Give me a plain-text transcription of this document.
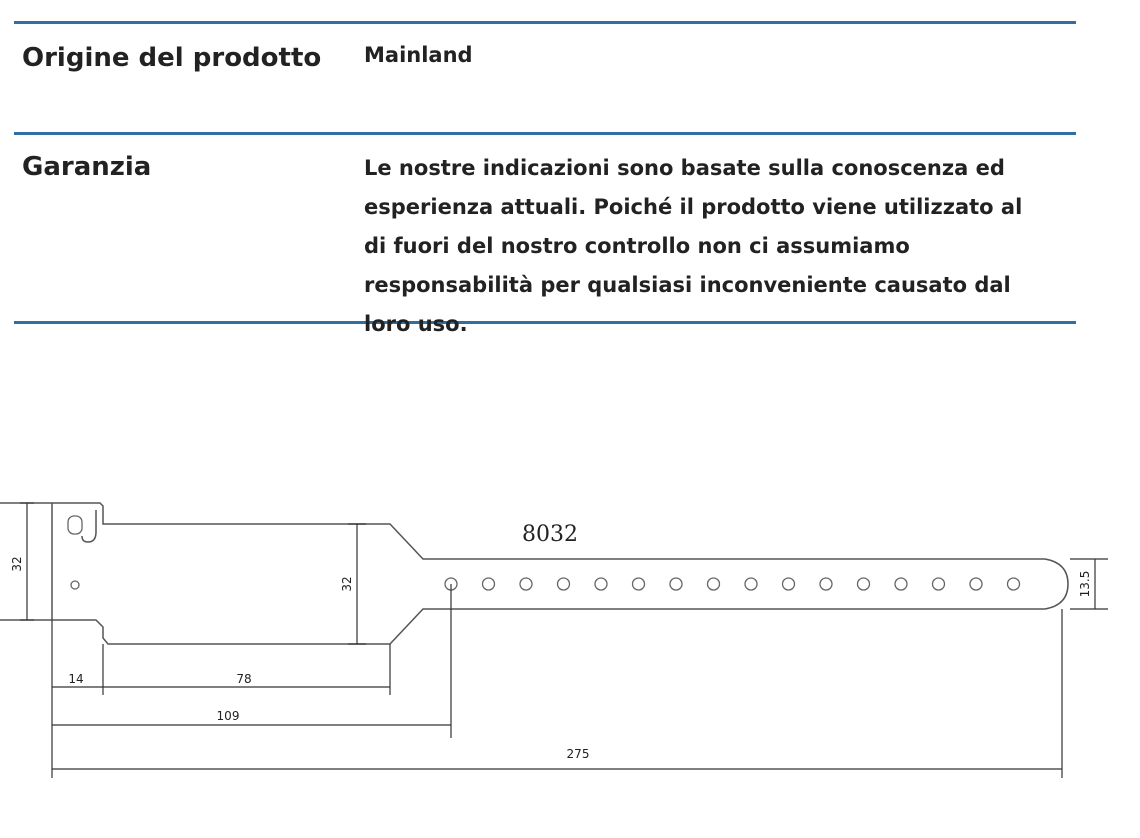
Origine del prodotto	Mainland
Garanzia	Le nostre indicazioni sono basate sulla conoscenza ed esperienza attuali. Poiché il prodotto viene utilizzato al di fuori del nostro controllo non ci assumiamo responsabilità per qualsiasi inconveniente causato dal loro uso.
8032
32
32	13.5
14	78
109
275
